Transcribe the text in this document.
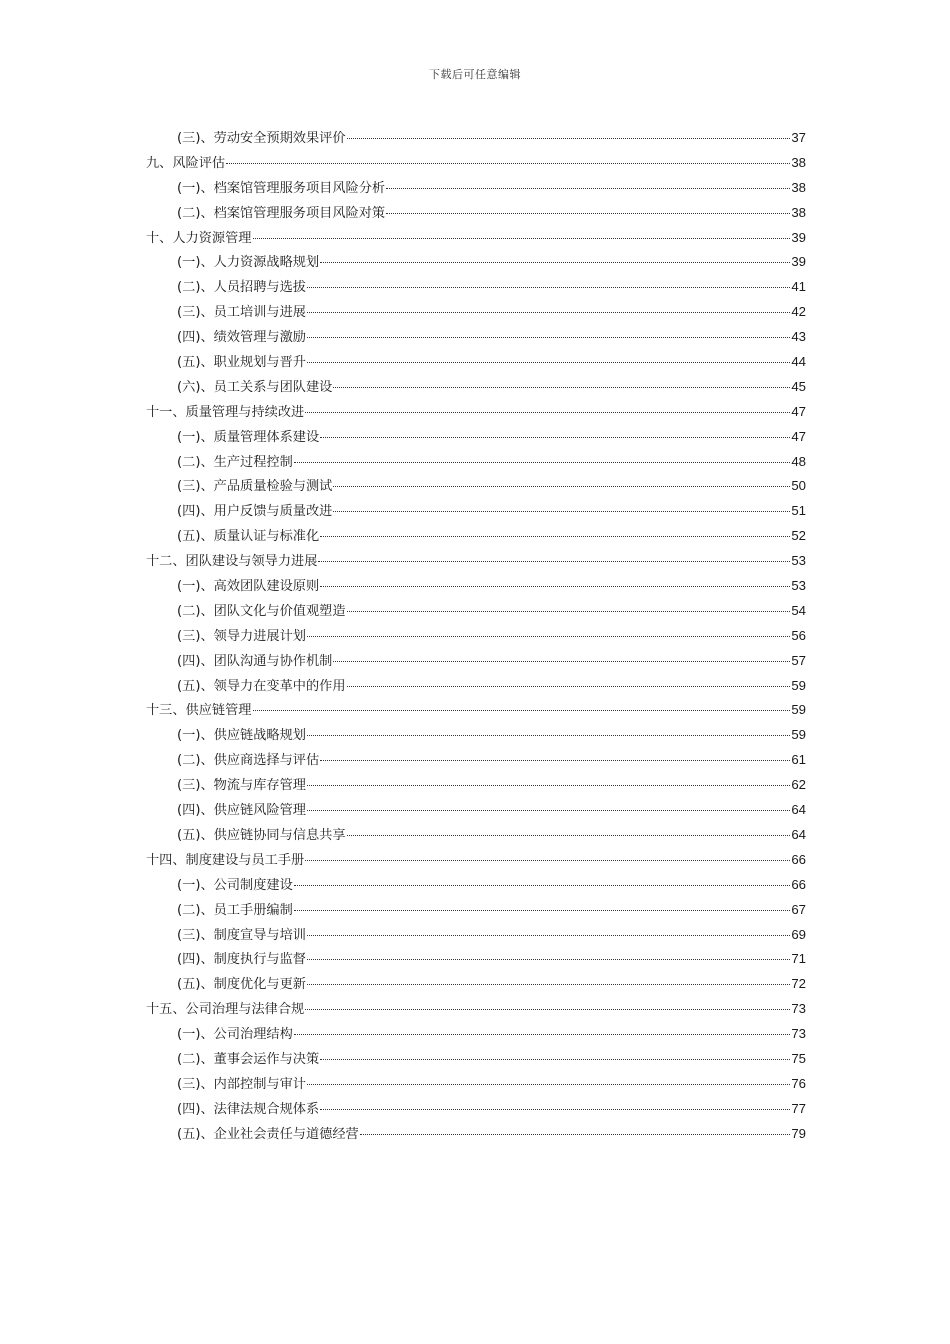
下载后可任意编辑
(三)、劳动安全预期效果评价	37
九、风险评估	38
(一)、档案馆管理服务项目风险分析	38
(二)、档案馆管理服务项目风险对策	38
十、人力资源管理	39
(一)、人力资源战略规划	39
(二)、人员招聘与选拔	41
(三)、员工培训与进展	42
(四)、绩效管理与激励	43
(五)、职业规划与晋升	44
(六)、员工关系与团队建设	45
十一、质量管理与持续改进	47
(一)、质量管理体系建设	47
(二)、生产过程控制	48
(三)、产品质量检验与测试	50
(四)、用户反馈与质量改进	51
(五)、质量认证与标准化	52
十二、团队建设与领导力进展	53
(一)、高效团队建设原则	53
(二)、团队文化与价值观塑造	54
(三)、领导力进展计划	56
(四)、团队沟通与协作机制	57
(五)、领导力在变革中的作用	59
十三、供应链管理	59
(一)、供应链战略规划	59
(二)、供应商选择与评估	61
(三)、物流与库存管理	62
(四)、供应链风险管理	64
(五)、供应链协同与信息共享	64
十四、制度建设与员工手册	66
(一)、公司制度建设	66
(二)、员工手册编制	67
(三)、制度宣导与培训	69
(四)、制度执行与监督	71
(五)、制度优化与更新	72
十五、公司治理与法律合规	73
(一)、公司治理结构	73
(二)、董事会运作与决策	75
(三)、内部控制与审计	76
(四)、法律法规合规体系	77
(五)、企业社会责任与道德经营	79
